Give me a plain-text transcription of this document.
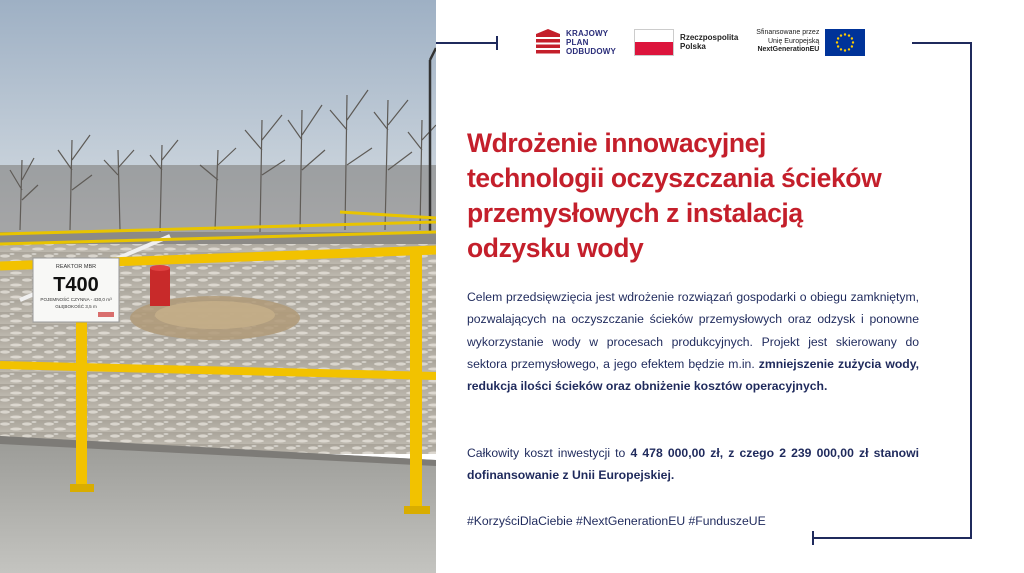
REAKTOR MBR
T400
POJEMNOŚĆ CZYNNA - 430,0 m³
GŁĘBOKOŚĆ 3,5 m
KRAJOWY
PLAN
ODBUDOWY
Rzeczpospolita
Polska
Sfinansowane przez
Unię Europejską
NextGenerationEU
Wdrożenie innowacyjnej
technologii oczyszczania ścieków
przemysłowych z instalacją
odzysku wody

Celem przedsięwzięcia jest wdrożenie rozwiązań gospodarki o obiegu zamkniętym, pozwalających na oczyszczanie ścieków przemysłowych oraz odzysk i ponowne wykorzystanie wody w procesach produkcyjnych. Projekt jest skierowany do sektora przemysłowego, a jego efektem będzie m.in. zmniejszenie zużycia wody, redukcja ilości ścieków oraz obniżenie kosztów operacyjnych.

Całkowity koszt inwestycji to 4 478 000,00 zł, z czego 2 239 000,00 zł stanowi dofinansowanie z Unii Europejskiej.

#KorzyściDlaCiebie #NextGenerationEU #FunduszeUE
